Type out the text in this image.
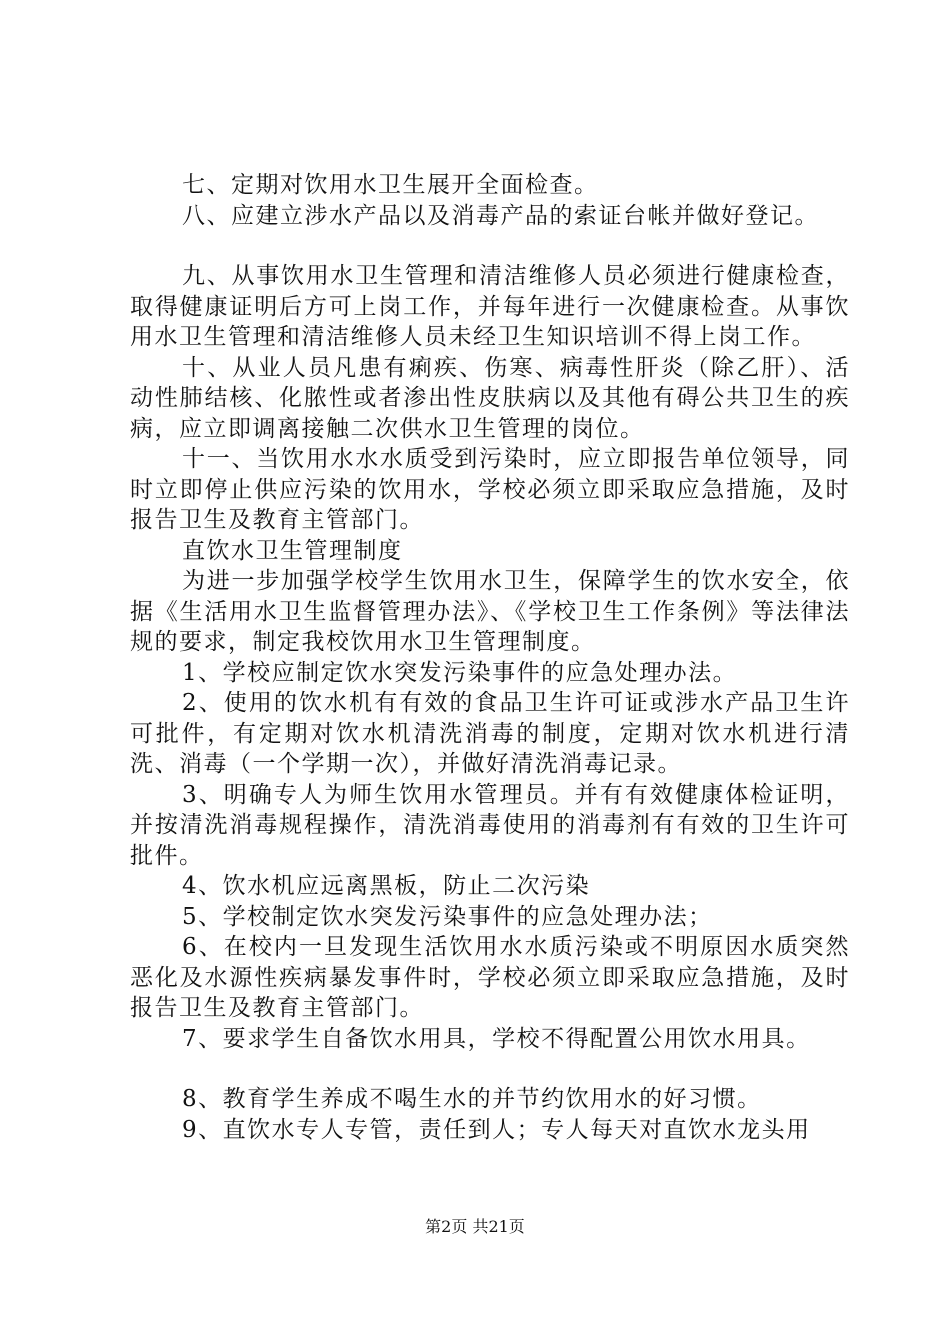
七、定期对饮用水卫生展开全面检查。

八、应建立涉水产品以及消毒产品的索证台帐并做好登记。

九、从事饮用水卫生管理和清洁维修人员必须进行健康检查，取得健康证明后方可上岗工作，并每年进行一次健康检查。从事饮用水卫生管理和清洁维修人员未经卫生知识培训不得上岗工作。

十、从业人员凡患有痢疾、伤寒、病毒性肝炎（除乙肝）、活动性肺结核、化脓性或者渗出性皮肤病以及其他有碍公共卫生的疾病，应立即调离接触二次供水卫生管理的岗位。

十一、当饮用水水水质受到污染时，应立即报告单位领导，同时立即停止供应污染的饮用水，学校必须立即采取应急措施，及时报告卫生及教育主管部门。

直饮水卫生管理制度

为进一步加强学校学生饮用水卫生，保障学生的饮水安全，依据《生活用水卫生监督管理办法》、《学校卫生工作条例》等法律法规的要求，制定我校饮用水卫生管理制度。

1、学校应制定饮水突发污染事件的应急处理办法。

2、使用的饮水机有有效的食品卫生许可证或涉水产品卫生许可批件，有定期对饮水机清洗消毒的制度，定期对饮水机进行清洗、消毒（一个学期一次），并做好清洗消毒记录。

3、明确专人为师生饮用水管理员。并有有效健康体检证明，并按清洗消毒规程操作，清洗消毒使用的消毒剂有有效的卫生许可批件。

4、饮水机应远离黑板，防止二次污染

5、学校制定饮水突发污染事件的应急处理办法；

6、在校内一旦发现生活饮用水水质污染或不明原因水质突然恶化及水源性疾病暴发事件时，学校必须立即采取应急措施，及时报告卫生及教育主管部门。

7、要求学生自备饮水用具，学校不得配置公用饮水用具。

8、教育学生养成不喝生水的并节约饮用水的好习惯。

9、直饮水专人专管，责任到人；专人每天对直饮水龙头用

第2页 共21页
